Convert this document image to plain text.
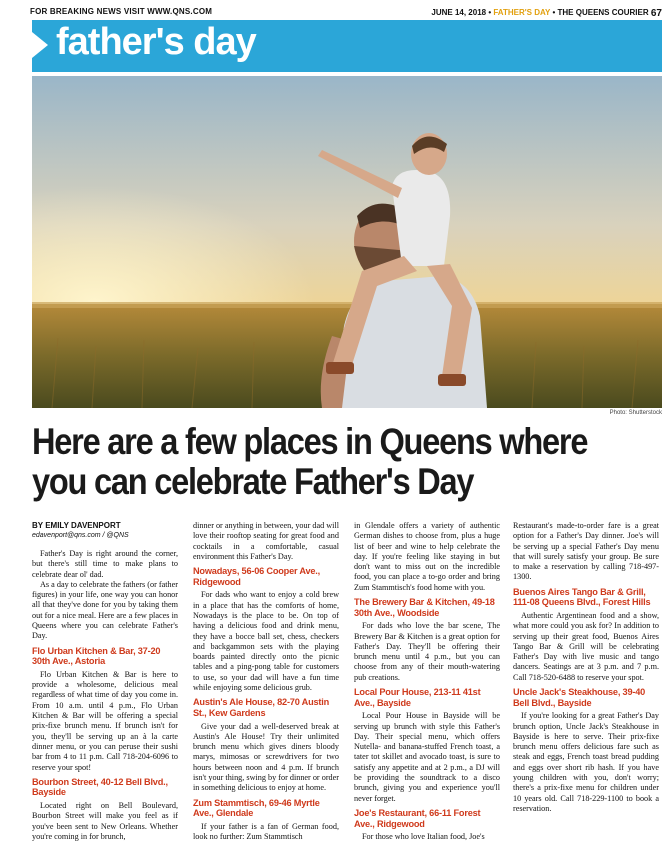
FOR BREAKING NEWS VISIT WWW.QNS.COM	JUNE 14, 2018 • FATHER'S DAY • THE QUEENS COURIER 67
father's day
Photo: Shutterstock
Here are a few places in Queens where
you can celebrate Father's Day
BY EMILY DAVENPORT
edavenport@qns.com / @QNS

Father's Day is right around the corner, but there's still time to make plans to celebrate dear ol' dad.

As a day to celebrate the fathers (or father figures) in your life, one way you can honor all that they've done for you by taking them out for a nice meal. Here are a few places in Queens where you can celebrate Father's Day.

Flo Urban Kitchen & Bar, 37-20 30th Ave., Astoria

Flo Urban Kitchen & Bar is here to provide a wholesome, delicious meal regardless of what time of day you come in. From 10 a.m. until 4 p.m., Flo Urban Kitchen & Bar will be offering a special prix-fixe brunch menu. If brunch isn't for you, they'll be serving up an à la carte dinner menu, or you can peruse their sushi bar from 4 to 11 p.m. Call 718-204-6096 to reserve your spot!

Bourbon Street, 40-12 Bell Blvd., Bayside

Located right on Bell Boulevard, Bourbon Street will make you feel as if you've been sent to New Orleans. Whether you're coming in for brunch,

dinner or anything in between, your dad will love their rooftop seating for great food and cocktails in a comfortable, casual environment this Father's Day.

Nowadays, 56-06 Cooper Ave., Ridgewood

For dads who want to enjoy a cold brew in a place that has the comforts of home, Nowadays is the place to be. On top of having a delicious food and drink menu, they have a bocce ball set, chess, checkers and backgammon sets with the playing boards painted directly onto the picnic tables and a ping-pong table for customers to use, so your dad will have a fun time while enjoying some delicious grub.

Austin's Ale House, 82-70 Austin St., Kew Gardens

Give your dad a well-deserved break at Austin's Ale House! Try their unlimited brunch menu which gives diners bloody marys, mimosas or screwdrivers for two hours between noon and 4 p.m. If brunch isn't your thing, swing by for dinner or order in something delicious to enjoy at home.

Zum Stammtisch, 69-46 Myrtle Ave., Glendale

If your father is a fan of German food, look no further: Zum Stammtisch

in Glendale offers a variety of authentic German dishes to choose from, plus a huge list of beer and wine to help celebrate the day. If you're feeling like staying in but don't want to miss out on the incredible food, you can place a to-go order and bring Zum Stammtisch's food home with you.

The Brewery Bar & Kitchen, 49-18 30th Ave., Woodside

For dads who love the bar scene, The Brewery Bar & Kitchen is a great option for Father's Day. They'll be offering their brunch menu until 4 p.m., but you can choose from any of their mouth-watering pub creations.

Local Pour House, 213-11 41st Ave., Bayside

Local Pour House in Bayside will be serving up brunch with style this Father's Day. Their special menu, which offers Nutella- and banana-stuffed French toast, a tater tot skillet and avocado toast, is sure to satisfy any appetite and at 2 p.m., a DJ will be providing the soundtrack to a disco brunch, giving you and experience you'll never forget.

Joe's Restaurant, 66-11 Forest Ave., Ridgewood

For those who love Italian food, Joe's

Restaurant's made-to-order fare is a great option for a Father's Day dinner. Joe's will be serving up a special Father's Day menu that will surely satisfy your group. Be sure to make a reservation by calling 718-497-1300.

Buenos Aires Tango Bar & Grill, 111-08 Queens Blvd., Forest Hills

Authentic Argentinean food and a show, what more could you ask for? In addition to serving up their great food, Buenos Aires Tango Bar & Grill will be celebrating Father's Day with live music and tango dancers. Seatings are at 3 p.m. and 7 p.m. Call 718-520-6488 to reserve your spot.

Uncle Jack's Steakhouse, 39-40 Bell Blvd., Bayside

If you're looking for a great Father's Day brunch option, Uncle Jack's Steakhouse in Bayside is here to serve. Their prix-fixe brunch menu offers delicious fare such as steak and eggs, French toast bread pudding and eggs over short rib hash. If you have young children with you, don't worry; there's a prix-fixe menu for children under 10 years old. Call 718-229-1100 to book a reservation.
